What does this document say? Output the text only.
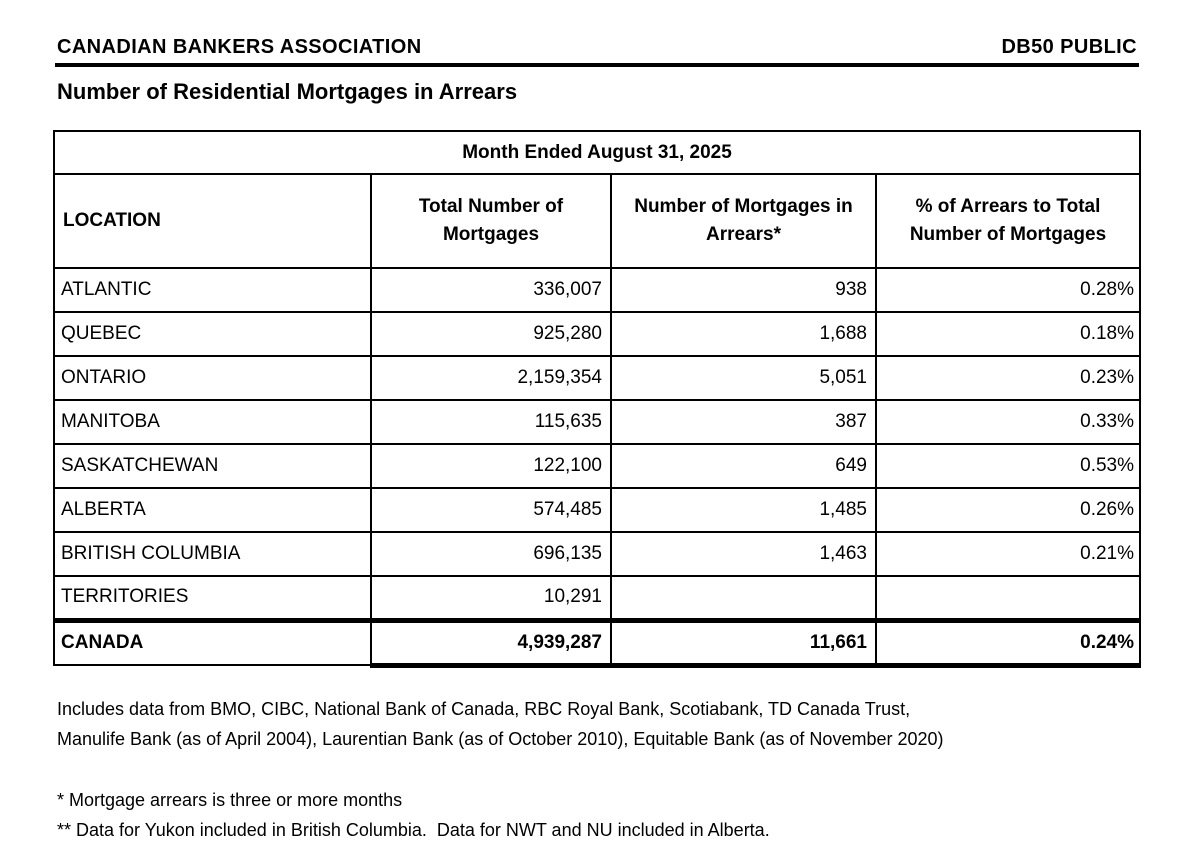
CANADIAN BANKERS ASSOCIATION	DB50 PUBLIC
Number of Residential Mortgages in Arrears
Month Ended August 31, 2025			
LOCATION	Total Number of Mortgages	Number of Mortgages in Arrears*	% of Arrears to Total Number of Mortgages
ATLANTIC	336,007	938	0.28%
QUEBEC	925,280	1,688	0.18%
ONTARIO	2,159,354	5,051	0.23%
MANITOBA	115,635	387	0.33%
SASKATCHEWAN	122,100	649	0.53%
ALBERTA	574,485	1,485	0.26%
BRITISH COLUMBIA	696,135	1,463	0.21%
TERRITORIES	10,291		
CANADA	4,939,287	11,661	0.24%
Includes data from BMO, CIBC, National Bank of Canada, RBC Royal Bank, Scotiabank, TD Canada Trust,
Manulife Bank (as of April 2004), Laurentian Bank (as of October 2010), Equitable Bank (as of November 2020)
* Mortgage arrears is three or more months
** Data for Yukon included in British Columbia.  Data for NWT and NU included in Alberta.
